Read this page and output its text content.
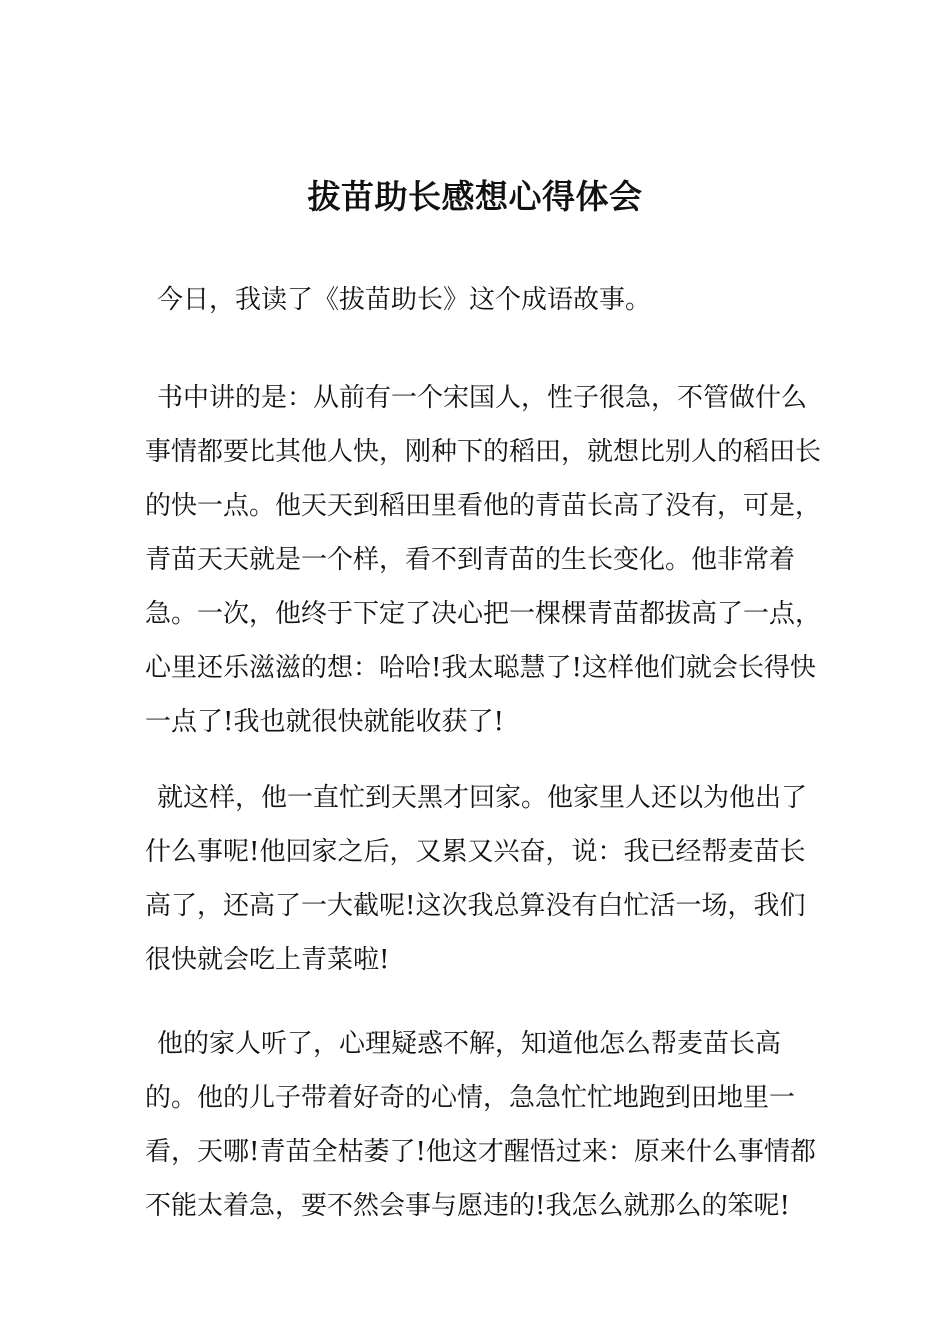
拔苗助长感想心得体会

今日，我读了《拔苗助长》这个成语故事。

书中讲的是：从前有一个宋国人，性子很急，不管做什么事情都要比其他人快，刚种下的稻田，就想比别人的稻田长的快一点。他天天到稻田里看他的青苗长高了没有，可是，青苗天天就是一个样，看不到青苗的生长变化。他非常着急。一次，他终于下定了决心把一棵棵青苗都拔高了一点，心里还乐滋滋的想：哈哈!我太聪慧了!这样他们就会长得快一点了!我也就很快就能收获了!

就这样，他一直忙到天黑才回家。他家里人还以为他出了什么事呢!他回家之后，又累又兴奋，说：我已经帮麦苗长高了，还高了一大截呢!这次我总算没有白忙活一场，我们很快就会吃上青菜啦!

他的家人听了，心理疑惑不解，知道他怎么帮麦苗长高的。他的儿子带着好奇的心情，急急忙忙地跑到田地里一看，天哪!青苗全枯萎了!他这才醒悟过来：原来什么事情都不能太着急，要不然会事与愿违的!我怎么就那么的笨呢!
